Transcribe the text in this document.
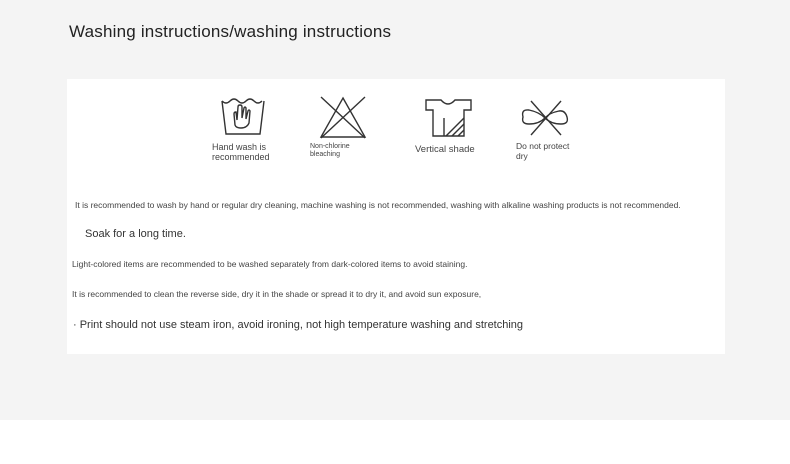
Washing instructions/washing instructions
Hand wash is
recommended
Non-chlorine
bleaching	Vertical shade	Do not protect
dry
It is recommended to wash by hand or regular dry cleaning, machine washing is not recommended, washing with alkaline washing products is not recommended.
Soak for a long time.
Light-colored items are recommended to be washed separately from dark-colored items to avoid staining.
It is recommended to clean the reverse side, dry it in the shade or spread it to dry it, and avoid sun exposure,
· Print should not use steam iron, avoid ironing, not high temperature washing and stretching
